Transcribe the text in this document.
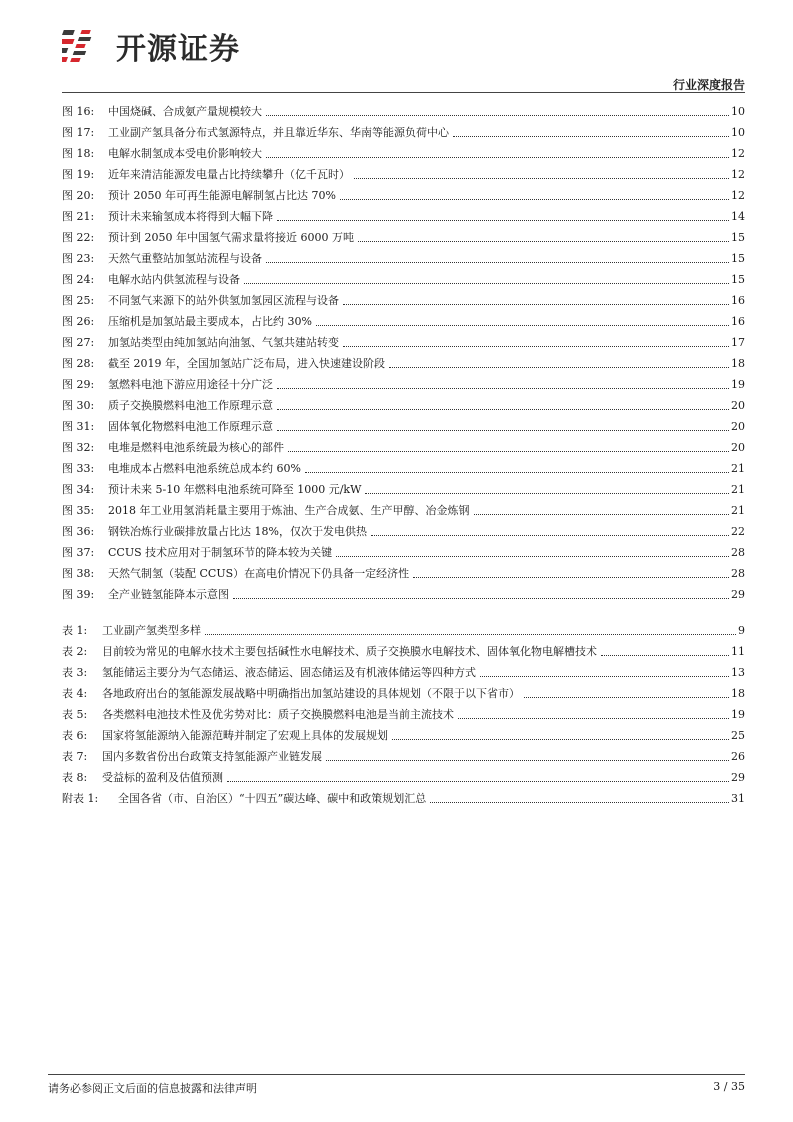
开源证券
行业深度报告
图 16:	中国烧碱、合成氨产量规模较大	10
图 17:	工业副产氢具备分布式氢源特点，并且靠近华东、华南等能源负荷中心	10
图 18:	电解水制氢成本受电价影响较大	12
图 19:	近年来清洁能源发电量占比持续攀升（亿千瓦时）	12
图 20:	预计 2050 年可再生能源电解制氢占比达 70%	12
图 21:	预计未来输氢成本将得到大幅下降	14
图 22:	预计到 2050 年中国氢气需求量将接近 6000 万吨	15
图 23:	天然气重整站加氢站流程与设备	15
图 24:	电解水站内供氢流程与设备	15
图 25:	不同氢气来源下的站外供氢加氢园区流程与设备	16
图 26:	压缩机是加氢站最主要成本，占比约 30%	16
图 27:	加氢站类型由纯加氢站向油氢、气氢共建站转变	17
图 28:	截至 2019 年，全国加氢站广泛布局，进入快速建设阶段	18
图 29:	氢燃料电池下游应用途径十分广泛	19
图 30:	质子交换膜燃料电池工作原理示意	20
图 31:	固体氧化物燃料电池工作原理示意	20
图 32:	电堆是燃料电池系统最为核心的部件	20
图 33:	电堆成本占燃料电池系统总成本约 60%	21
图 34:	预计未来 5-10 年燃料电池系统可降至 1000 元/kW	21
图 35:	2018 年工业用氢消耗量主要用于炼油、生产合成氨、生产甲醇、冶金炼钢	21
图 36:	钢铁冶炼行业碳排放量占比达 18%，仅次于发电供热	22
图 37:	CCUS 技术应用对于制氢环节的降本较为关键	28
图 38:	天然气制氢（装配 CCUS）在高电价情况下仍具备一定经济性	28
图 39:	全产业链氢能降本示意图	29
表 1:	工业副产氢类型多样	9
表 2:	目前较为常见的电解水技术主要包括碱性水电解技术、质子交换膜水电解技术、固体氧化物电解槽技术	11
表 3:	氢能储运主要分为气态储运、液态储运、固态储运及有机液体储运等四种方式	13
表 4:	各地政府出台的氢能源发展战略中明确指出加氢站建设的具体规划（不限于以下省市）	18
表 5:	各类燃料电池技术性及优劣势对比：质子交换膜燃料电池是当前主流技术	19
表 6:	国家将氢能源纳入能源范畴并制定了宏观上具体的发展规划	25
表 7:	国内多数省份出台政策支持氢能源产业链发展	26
表 8:	受益标的盈利及估值预测	29
附表 1:	全国各省（市、自治区）“十四五”碳达峰、碳中和政策规划汇总	31
请务必参阅正文后面的信息披露和法律声明	3 / 35
